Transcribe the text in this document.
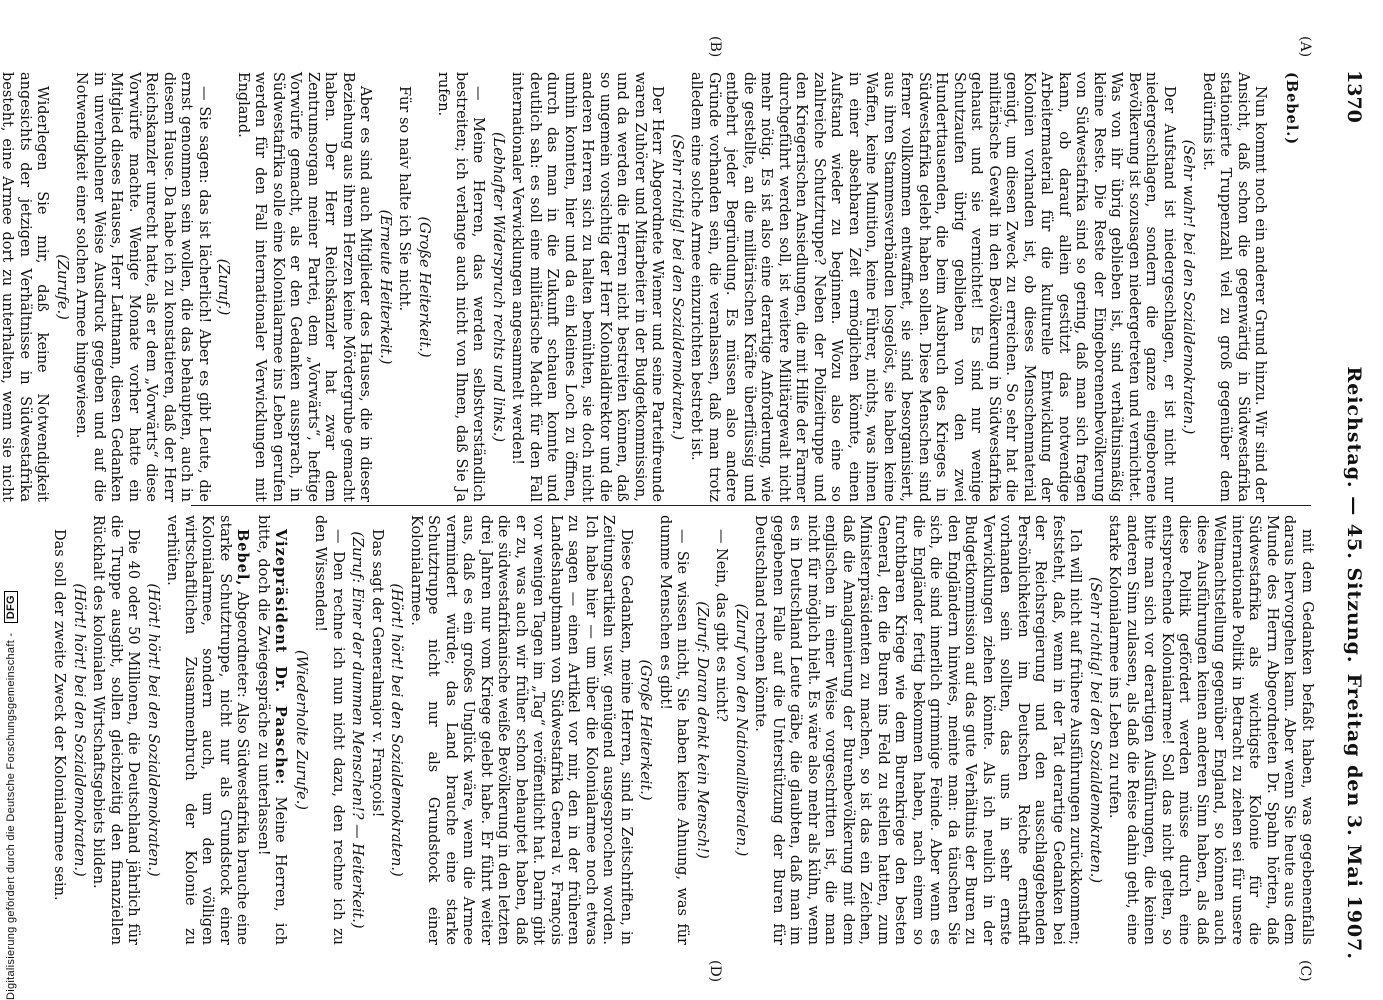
1370
Reichstag. — 45. Sitzung.
Freitag den 3. Mai 1907.
(A)
(B)
(C)
(D)

(Bebel.)

Nun kommt noch ein anderer Grund hinzu. Wir sind der Ansicht, daß schon die gegenwärtig in Südwestafrika stationierte Truppenzahl viel zu groß gegenüber dem Bedürfnis ist.

(Sehr wahr! bei den Sozialdemokraten.)

Der Aufstand ist niedergeschlagen, er ist nicht nur niedergeschlagen, sondern die ganze eingeborene Bevölkerung ist sozusagen niedergetreten und vernichtet. Was von ihr übrig geblieben ist, sind verhältnismäßig kleine Reste. Die Reste der Eingeborenenbevölkerung von Südwestafrika sind so gering, daß man sich fragen kann, ob darauf allein gestützt das notwendige Arbeitermaterial für die kulturelle Entwicklung der Kolonien vorhanden ist, ob dieses Menschenmaterial genügt, um diesen Zweck zu erreichen. So sehr hat die militärische Gewalt in den Bevölkerung in Südwestafrika gehaust und sie vernichtet! Es sind nur wenige Schutzaufen übrig geblieben von den zwei Hunderttausenden, die beim Ausbruch des Krieges in Südwestafrika gelebt haben sollen. Diese Menschen sind ferner vollkommen entwaffnet, sie sind besorganisiert, aus ihren Stammesverbänden losgelöst, sie haben keine Waffen, keine Munition, keine Führer, nichts, was ihnen in einer absehbaren Zeit ermöglichen könnte, einen Aufstand wieder zu beginnen. Wozu also eine so zahlreiche Schutztruppe? Neben der Polizeitruppe und den Kriegerischen Ansiedlungen, die mit Hilfe der Farmer durchgeführt werden soll, ist weitere Militärgewalt nicht mehr nötig. Es ist also eine derartige Anforderung, wie die gestellte, an die militärischen Kräfte überflüssig und entbehrt jeder Begründung. Es müssen also andere Gründe vorhanden sein, die veranlassen, daß man trotz alledem eine solche Armee einzurichten bestrebt ist.

(Sehr richtig! bei den Sozialdemokraten.)

Der Herr Abgeordnete Wiemer und seine Parteifreunde waren Zuhörer und Mitarbeiter in der Budgetkommission, und da werden die Herren nicht bestreiten können, daß so ungemein vorsichtig der Herr Kolonialdirektor und die anderen Herren sich zu halten bemühten, sie doch nicht umhin konnten, hier und da ein kleines Loch zu öffnen, durch das man in die Zukunft schauen konnte und deutlich sah: es soll eine militärische Macht für den Fall internationaler Verwicklungen angesammelt werden!

(Lebhafter Widerspruch rechts und links.)

— Meine Herren, das werden selbstverständlich bestreiten; ich verlange auch nicht von Ihnen, daß Sie Ja rufen.

(Große Heiterkeit.)

Für so naiv halte ich Sie nicht.

(Erneute Heiterkeit.)

Aber es sind auch Mitglieder des Hauses, die in dieser Beziehung aus ihrem Herzen keine Mördergrube gemacht haben. Der Herr Reichskanzler hat zwar dem Zentrumsorgan meiner Partei, dem „Vorwärts“, heftige Vorwürfe gemacht, als er den Gedanken aussprach, in Südwestafrika solle eine Kolonialarmee ins Leben gerufen werden für den Fall internationaler Verwicklungen mit England.

(Zuruf.)

— Sie sagen: das ist lächerlich! Aber es gibt Leute, die ernst genommen sein wollen, die das behaupten, auch in diesem Hause. Da habe ich zu konstatieren, daß der Herr Reichskanzler unrecht hatte, als er dem „Vorwärts“ diese Vorwürfe machte. Wenige Monate vorher hatte ein Mitglied dieses Hauses, Herr Lattmann, diesen Gedanken in unverhohlener Weise Ausdruck gegeben und auf die Notwendigkeit einer solchen Armee hingewiesen.

(Zurufe.)

Widerlegen Sie mir, daß keine Notwendigkeit angesichts der jetzigen Verhältnisse in Südwestafrika besteht, eine Armee dort zu unterhalten, wenn sie nicht

mit dem Gedanken befaßt haben, was gegebenenfalls daraus hervorgehen kann. Aber wenn Sie heute aus dem Munde des Herrn Abgeordneten Dr. Spahn hörten, daß Südwestafrika als wichtigste Kolonie für die internationale Politik in Betracht zu ziehen sei für unsere Weltmachtstellung gegenüber England, so können auch diese Ausführungen keinen anderen Sinn haben, als daß diese Politik gefördert werden müsse durch eine entsprechende Kolonialarmee! Soll das nicht gelten, so bitte man sich vor derartigen Ausführungen, die keinen anderen Sinn zulassen, als daß die Reise dahin geht, eine starke Kolonialarmee ins Leben zu rufen.

(Sehr richtig! bei den Sozialdemokraten.)

Ich will nicht auf frühere Ausführungen zurückkommen; feststeht, daß, wenn in der Tat derartige Gedanken bei der Reichsregierung und den ausschlaggebenden Persönlichkeiten im Deutschen Reiche ernsthaft vorhanden sein sollten, das uns in sehr ernste Verwicklungen ziehen könnte. Als ich neulich in der Budgetkommission auf das gute Verhältnis der Buren zu den Engländern hinwies, meinte man: da täuschen Sie sich, die sind innerlich grimmige Feinde. Aber wenn es die Engländer fertig bekommen haben, nach einem so furchtbaren Kriege wie dem Burenkriege den besten General, den die Buren ins Feld zu stellen hatten, zum Ministerpräsidenten zu machen, so ist das ein Zeichen, daß die Amalgamierung der Burenbevölkerung mit dem englischen in einer Weise vorgeschritten ist, die man nicht für möglich hielt. Es wäre also mehr als kühn, wenn es in Deutschland Leute gäbe, die glaubten, daß man im gegebenen Falle auf die Unterstützung der Buren für Deutschland rechnen könnte.

(Zuruf von den Nationalliberalen.)

— Nein, das gibt es nicht?

(Zuruf: Daran denkt kein Mensch!)

— Sie wissen nicht, Sie haben keine Ahnung, was für dumme Menschen es gibt!

(Große Heiterkeit.)

Diese Gedanken, meine Herren, sind in Zeitschriften, in Zeitungsartikeln usw. genügend ausgesprochen worden. Ich habe hier — um über die Kolonialarmee noch etwas zu sagen — einen Artikel vor mir, den in der früheren Landeshauptmann von Südwestafrika General v. François vor wenigen Tagen im „Tag“ veröffentlicht hat. Darin gibt er zu, was auch wir früher schon behauptet haben, daß die südwestafrikanische weiße Bevölkerung in den letzten drei Jahren nur vom Kriege gelebt habe. Er führt weiter aus, daß es ein großes Unglück wäre, wenn die Armee vermindert würde; das Land brauche eine starke Schutztruppe nicht nur als Grundstock einer Kolonialarmee.

(Hört! hört! bei den Sozialdemokraten.)

Das sagt der Generalmajor v. François!

(Zuruf: Einer der dummen Menschen!? — Heiterkeit.)

— Den rechne ich nun nicht dazu, den rechne ich zu den Wissenden!

(Wiederholte Zurufe.)

Vizepräsident Dr. Paasche: Meine Herren, ich bitte, doch die Zwiegespräche zu unterlassen!

Bebel, Abgeordneter: Also Südwestafrika brauche eine starke Schutztruppe, nicht nur als Grundstock einer Kolonialarmee, sondern auch, um den völligen wirtschaftlichen Zusammenbruch der Kolonie zu verhüten.

(Hört! hört! bei den Sozialdemokraten.)

Die 40 oder 50 Millionen, die Deutschland jährlich für die Truppe ausgibt, sollen gleichzeitig den finanziellen Rückhalt des kolonialen Wirtschaftsgebiets bilden.

(Hört! hört! bei den Sozialdemokraten.)

Das soll der zweite Zweck der Kolonialarmee sein.

Digitalisierung gefördert durch die Deutsche Forschungsgemeinschaft - DFG
